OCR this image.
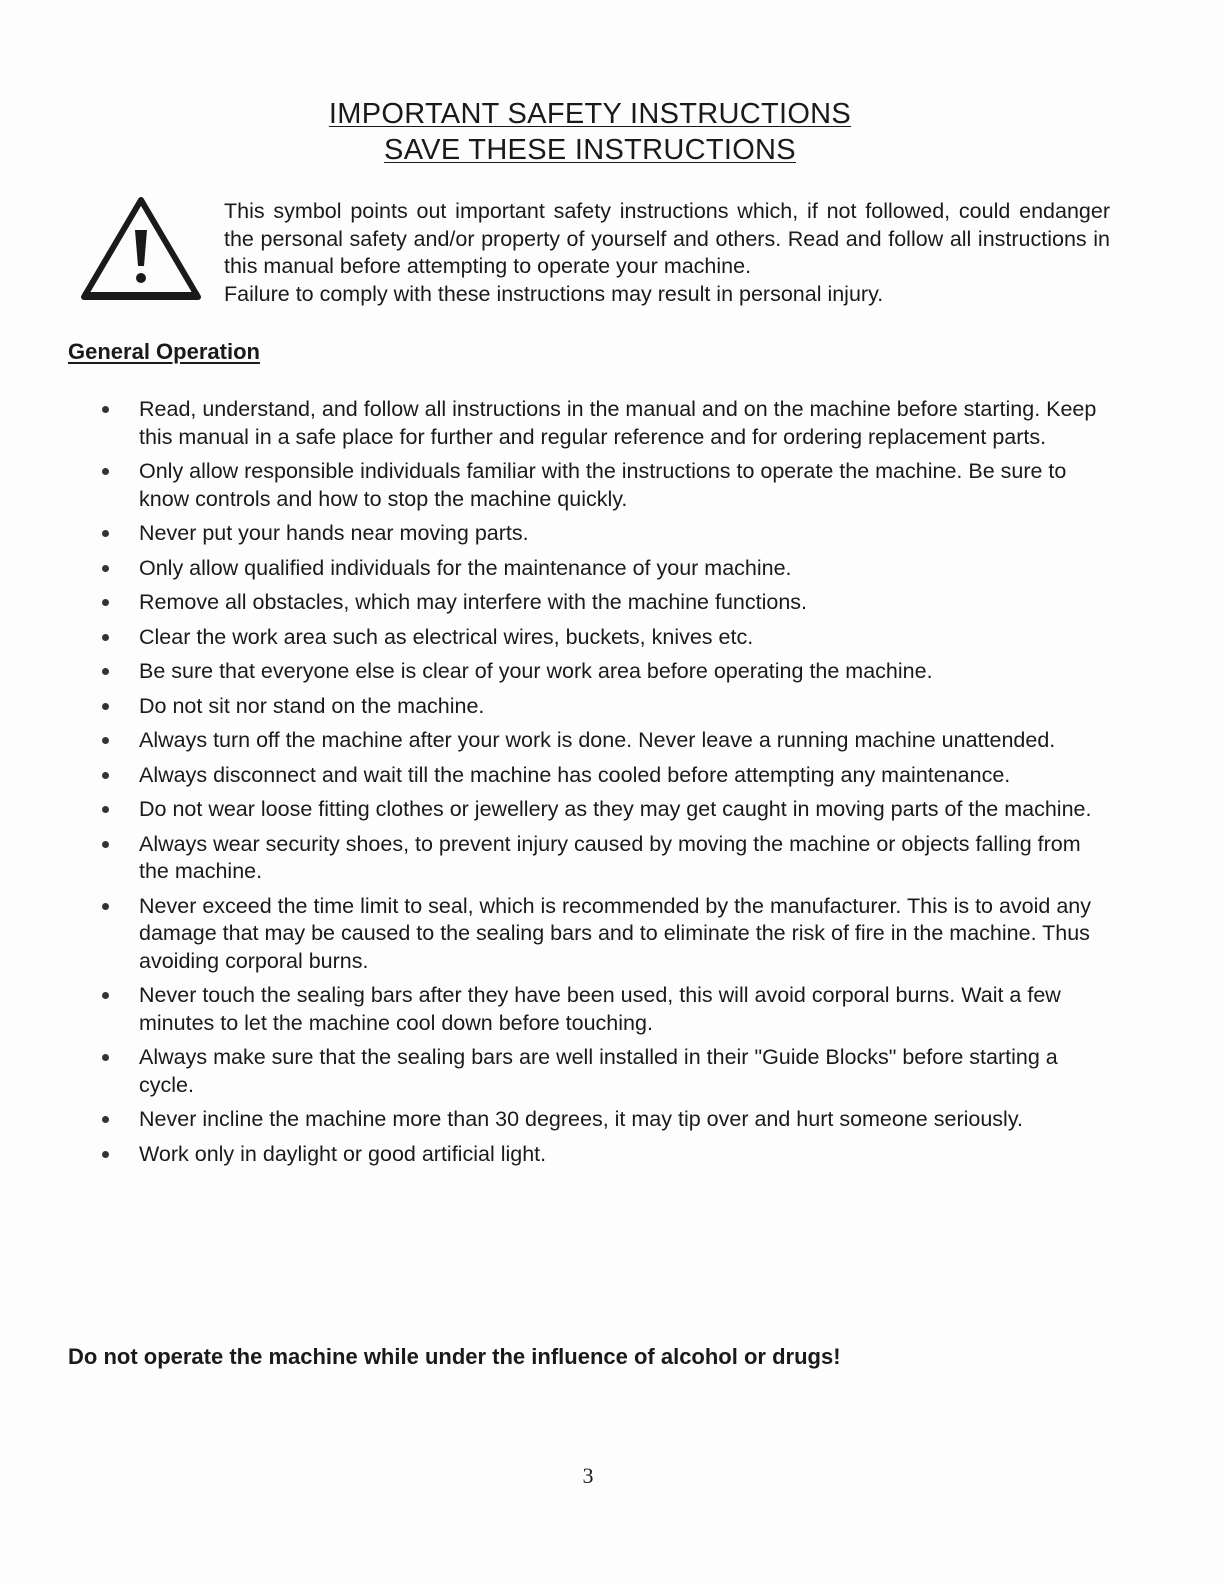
IMPORTANT SAFETY INSTRUCTIONS
SAVE THESE INSTRUCTIONS

This symbol points out important safety instructions which, if not followed, could endanger the personal safety and/or property of yourself and others. Read and follow all instructions in this manual before attempting to operate your machine.

Failure to comply with these instructions may result in personal injury.

General Operation
Read, understand, and follow all instructions in the manual and on the machine before starting. Keep this manual in a safe place for further and regular reference and for ordering replacement parts.
Only allow responsible individuals familiar with the instructions to operate the machine. Be sure to know controls and how to stop the machine quickly.
Never put your hands near moving parts.
Only allow qualified individuals for the maintenance of your machine.
Remove all obstacles, which may interfere with the machine functions.
Clear the work area such as electrical wires, buckets, knives etc.
Be sure that everyone else is clear of your work area before operating the machine.
Do not sit nor stand on the machine.
Always turn off the machine after your work is done. Never leave a running machine unattended.
Always disconnect and wait till the machine has cooled before attempting any maintenance.
Do not wear loose fitting clothes or jewellery as they may get caught in moving parts of the machine.
Always wear security shoes, to prevent injury caused by moving the machine or objects falling from the machine.
Never exceed the time limit to seal, which is recommended by the manufacturer. This is to avoid any damage that may be caused to the sealing bars and to eliminate the risk of fire in the machine. Thus avoiding corporal burns.
Never touch the sealing bars after they have been used, this will avoid corporal burns. Wait a few minutes to let the machine cool down before touching.
Always make sure that the sealing bars are well installed in their "Guide Blocks" before starting a cycle.
Never incline the machine more than 30 degrees, it may tip over and hurt someone seriously.
Work only in daylight or good artificial light.

Do not operate the machine while under the influence of alcohol or drugs!

3
